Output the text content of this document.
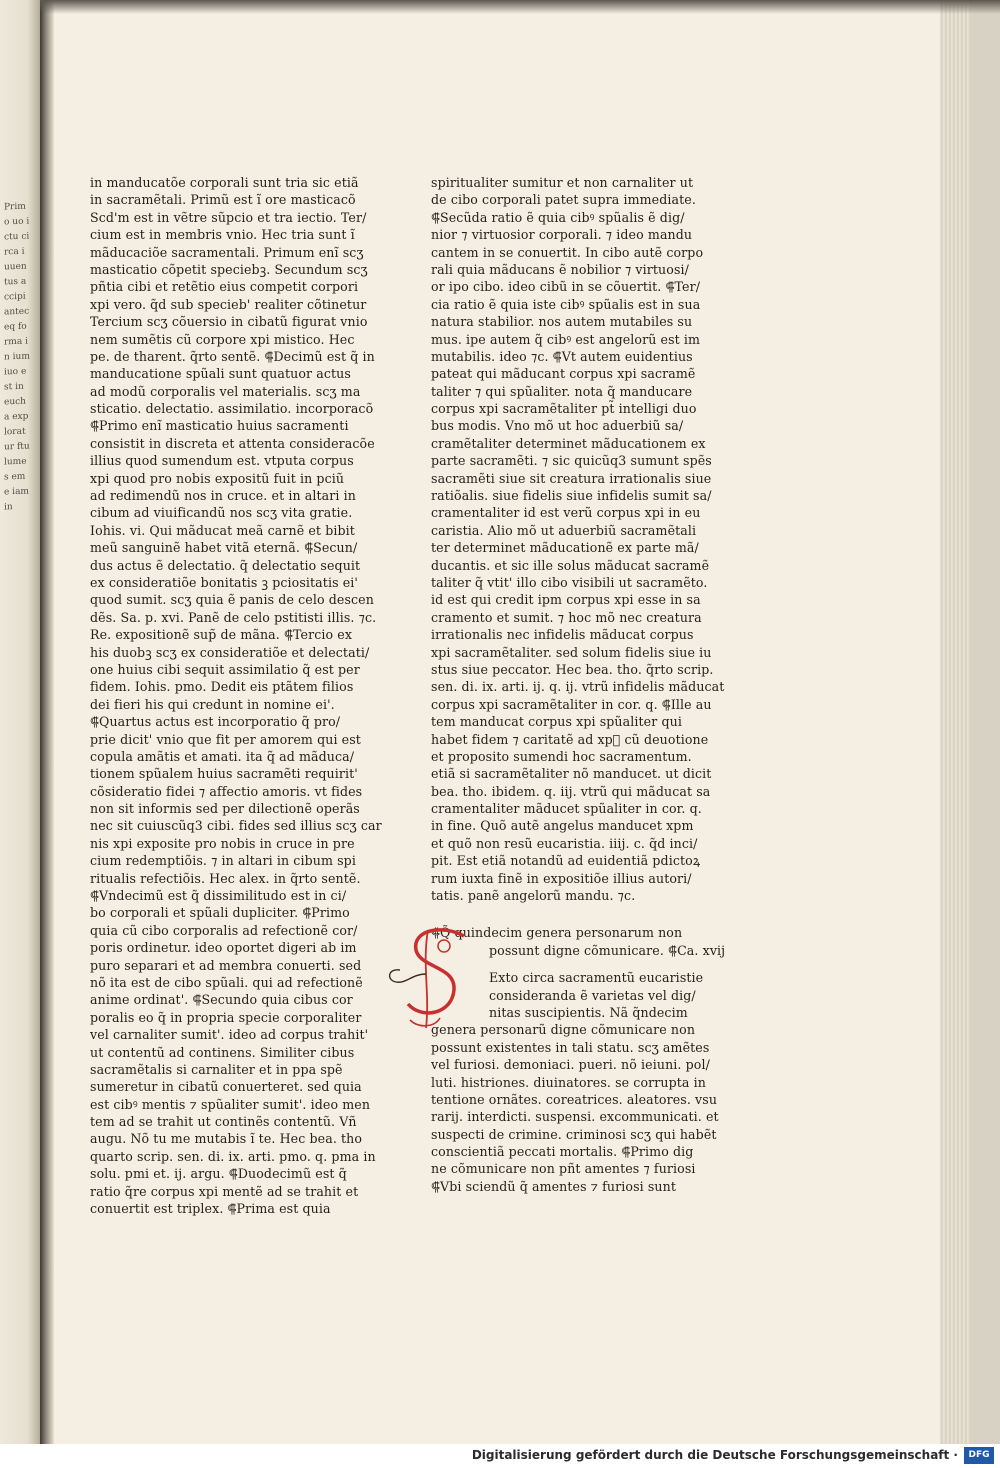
Primo uo ictu circa iuuentus accipi anteceq forma in iumiuo est in eucha exploratur ftu lumes eme iam in
in manducatõe corporali sunt tria sic etiã
in sacramẽtali. Primũ est ĩ ore masticacõ
Scd'm est in vẽtre sũpcio et tra iectio. Ter/
cium est in membris vnio. Hec tria sunt ĩ
mãducaciõe sacramentali. Primum enĩ scʒ
masticatio cõpetit speciebꝫ. Secundum scʒ
pñtia cibi et retẽtio eius competit corpori
xpi vero. q̃d sub specieb' realiter cõtinetur
Tercium scʒ cõuersio in cibatũ figurat vnio
nem sumẽtis cũ corpore xpi mistico. Hec
pe. de tharent. q̃rto sentẽ. ⸿Decimũ est q̃ in
manducatione spũali sunt quatuor actus
ad modũ corporalis vel materialis. scʒ ma
sticatio. delectatio. assimilatio. incorporacõ
⸿Primo enĩ masticatio huius sacramenti
consistit in discreta et attenta consideracõe
illius quod sumendum est. vtputa corpus
xpi quod pro nobis expositũ fuit in pciũ
ad redimendũ nos in cruce. et in altari in
cibum ad viuificandũ nos scʒ vita gratie.
Iohis. vi. Qui mãducat meã carnẽ et bibit
meũ sanguinẽ habet vitã eternã. ⸿Secun/
dus actus ẽ delectatio. q̃ delectatio sequit
ex consideratiõe bonitatis ꝫ pciositatis ei'
quod sumit. scʒ quia ẽ panis de celo descen
dẽs. Sa. p. xvi. Panẽ de celo pstitisti illis. ⁊c.
Re. expositionẽ sup̃ de mãna. ⸿Tercio ex
his duobꝫ scʒ ex consideratiõe et delectati/
one huius cibi sequit assimilatio q̃ est per
fidem. Iohis. pmo. Dedit eis ptãtem filios
dei fieri his qui credunt in nomine ei'.
⸿Quartus actus est incorporatio q̃ pro/
prie dicit' vnio que fit per amorem qui est
copula amãtis et amati. ita q̃ ad mãduca/
tionem spũalem huius sacramẽti requirit'
cõsideratio fidei ⁊ affectio amoris. vt fides
non sit informis sed per dilectionẽ operãs
nec sit cuiuscũq3 cibi. fides sed illius scʒ car
nis xpi exposite pro nobis in cruce in pre
cium redemptiõis. ⁊ in altari in cibum spi
ritualis refectiõis. Hec alex. in q̃rto sentẽ.
⸿Vndecimũ est q̃ dissimilitudo est in ci/
bo corporali et spũali dupliciter. ⸿Primo
quia cũ cibo corporalis ad refectionẽ cor/
poris ordinetur. ideo oportet digeri ab im
puro separari et ad membra conuerti. sed
nõ ita est de cibo spũali. qui ad refectionẽ
anime ordinat'. ⸿Secundo quia cibus cor
poralis eo q̃ in propria specie corporaliter
vel carnaliter sumit'. ideo ad corpus trahit'
ut contentũ ad continens. Similiter cibus
sacramẽtalis si carnaliter et in ppa spẽ
sumeretur in cibatũ conuerteret. sed quia
est cibꝰ mentis ⁊ spũaliter sumit'. ideo men
tem ad se trahit ut continẽs contentũ. Vñ
augu. Nõ tu me mutabis ĩ te. Hec bea. tho
quarto scrip. sen. di. ix. arti. pmo. q. pma in
solu. pmi et. ij. argu. ⸿Duodecimũ est q̃
ratio q̃re corpus xpi mentẽ ad se trahit et
conuertit est triplex. ⸿Prima est quia
spiritualiter sumitur et non carnaliter ut
de cibo corporali patet supra immediate.
⸿Secũda ratio ẽ quia cibꝰ spũalis ẽ dig/
nior ⁊ virtuosior corporali. ⁊ ideo mandu
cantem in se conuertit. In cibo autẽ corpo
rali quia mãducans ẽ nobilior ⁊ virtuosi/
or ipo cibo. ideo cibũ in se cõuertit. ⸿Ter/
cia ratio ẽ quia iste cibꝰ spũalis est in sua
natura stabilior. nos autem mutabiles su
mus. ipe autem q̃ cibꝰ est angelorũ est im
mutabilis. ideo ⁊c. ⸿Vt autem euidentius
pateat qui mãducant corpus xpi sacramẽ
taliter ⁊ qui spũaliter. nota q̃ manducare
corpus xpi sacramẽtaliter pt̃ intelligi duo
bus modis. Vno mõ ut hoc aduerbiũ sa/
cramẽtaliter determinet mãducationem ex
parte sacramẽti. ⁊ sic quicũq3 sumunt spẽs
sacramẽti siue sit creatura irrationalis siue
ratiõalis. siue fidelis siue infidelis sumit sa/
cramentaliter id est verũ corpus xpi in eu
caristia. Alio mõ ut aduerbiũ sacramẽtali
ter determinet mãducationẽ ex parte mã/
ducantis. et sic ille solus mãducat sacramẽ
taliter q̃ vtit' illo cibo visibili ut sacramẽto.
id est qui credit ipm corpus xpi esse in sa
cramento et sumit. ⁊ hoc mõ nec creatura
irrationalis nec infidelis mãducat corpus
xpi sacramẽtaliter. sed solum fidelis siue iu
stus siue peccator. Hec bea. tho. q̃rto scrip.
sen. di. ix. arti. ij. q. ij. vtrũ infidelis mãducat
corpus xpi sacramẽtaliter in cor. q. ⸿Ille au
tem manducat corpus xpi spũaliter qui
habet fidem ⁊ caritatẽ ad xpᷣ cũ deuotione
et proposito sumendi hoc sacramentum.
etiã si sacramẽtaliter nõ manducet. ut dicit
bea. tho. ibidem. q. iij. vtrũ qui mãducat sa
cramentaliter mãducet spũaliter in cor. q.
in fine. Quõ autẽ angelus manducet xpm
et quõ non resũ eucaristia. iiij. c. q̃d inci/
pit. Est etiã notandũ ad euidentiã pdictoꝝ
rum iuxta finẽ in expositiõe illius autori/
tatis. panẽ angelorũ mandu. ⁊c.
⸿Q̃ quindecim genera personarum non
possunt digne cõmunicare. ⸿Ca. xvij
Exto circa sacramentũ eucaristie
consideranda ẽ varietas vel dig/
nitas suscipientis. Nã q̃ndecim
genera personarũ digne cõmunicare non
possunt existentes in tali statu. scʒ amẽtes
vel furiosi. demoniaci. pueri. nõ ieiuni. pol/
luti. histriones. diuinatores. se corrupta in
tentione ornãtes. coreatrices. aleatores. vsu
rarij. interdicti. suspensi. excommunicati. et
suspecti de crimine. criminosi scʒ qui habẽt
conscientiã peccati mortalis. ⸿Primo dig
ne cõmunicare non pñt amentes ⁊ furiosi
⸿Vbi sciendũ q̃ amentes ⁊ furiosi sunt
Digitalisierung gefördert durch die Deutsche Forschungsgemeinschaft ·	DFG
